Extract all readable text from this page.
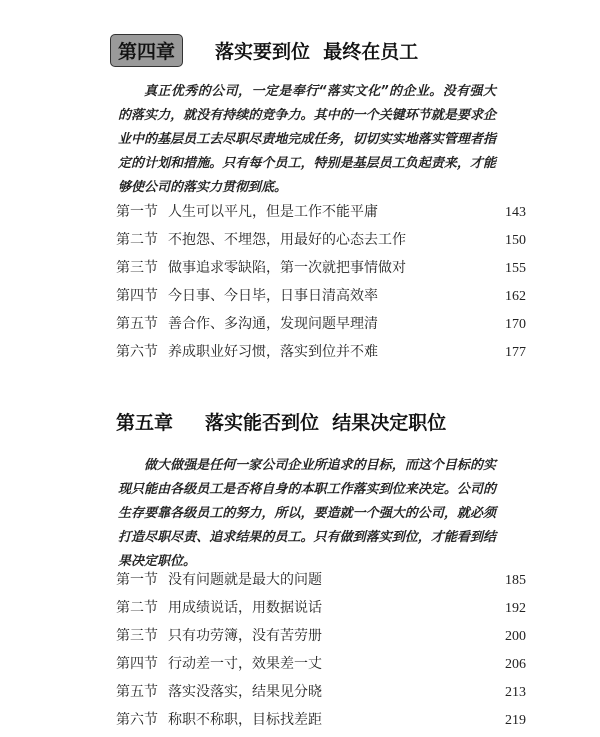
第四章	落实要到位  最终在员工

真正优秀的公司，一定是奉行“落实文化”的企业。没有强大的落实力，就没有持续的竞争力。其中的一个关键环节就是要求企业中的基层员工去尽职尽责地完成任务，切切实实地落实管理者指定的计划和措施。只有每个员工，特别是基层员工负起责来，才能够使公司的落实力贯彻到底。

第一节 人生可以平凡，但是工作不能平庸	143
第二节 不抱怨、不埋怨，用最好的心态去工作	150
第三节 做事追求零缺陷，第一次就把事情做对	155
第四节 今日事、今日毕，日事日清高效率	162
第五节 善合作、多沟通，发现问题早理清	170
第六节 养成职业好习惯，落实到位并不难	177
第五章 落实能否到位  结果决定职位

做大做强是任何一家公司企业所追求的目标，而这个目标的实现只能由各级员工是否将自身的本职工作落实到位来决定。公司的生存要靠各级员工的努力，所以，要造就一个强大的公司，就必须打造尽职尽责、追求结果的员工。只有做到落实到位，才能看到结果决定职位。

第一节 没有问题就是最大的问题	185
第二节 用成绩说话，用数据说话	192
第三节 只有功劳簿，没有苦劳册	200
第四节 行动差一寸，效果差一丈	206
第五节 落实没落实，结果见分晓	213
第六节 称职不称职，目标找差距	219
